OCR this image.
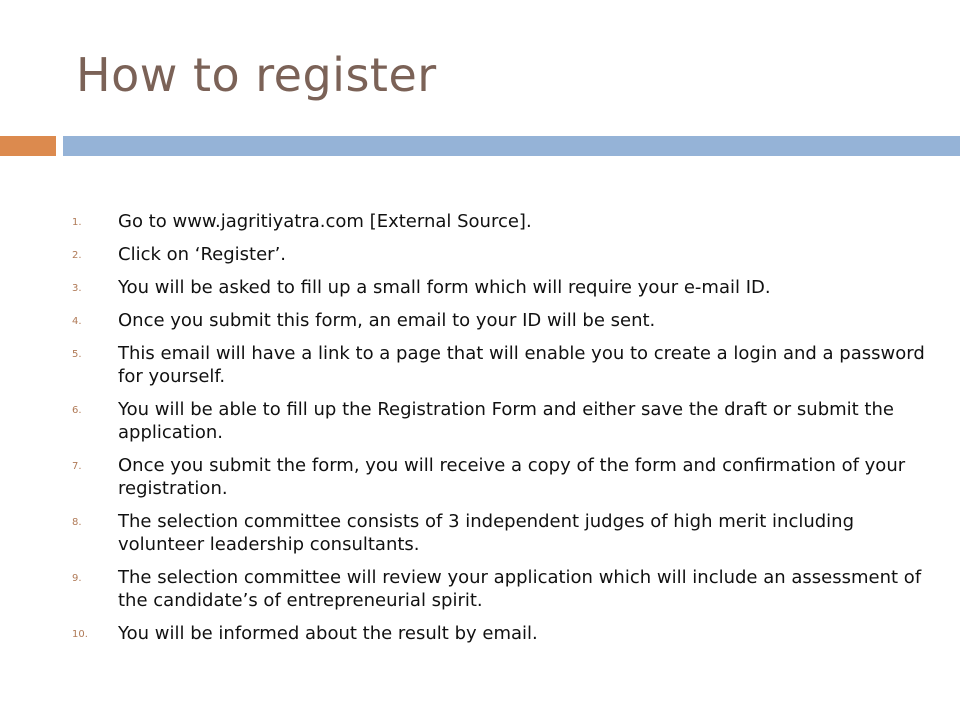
How to register
1.	Go to www.jagritiyatra.com [External Source].
2.	Click on ‘Register’.
3.	You will be asked to fill up a small form which will require your e-mail ID.
4.	Once you submit this form, an email to your ID will be sent.
5.	This email will have a link to a page that will enable you to create a login and a password for yourself.
6.	You will be able to fill up the Registration Form and either save the draft or submit the application.
7.	Once you submit the form, you will receive a copy of the form and confirmation of your registration.
8.	The selection committee consists of 3 independent judges of high merit including volunteer leadership consultants.
9.	The selection committee will review your application which will include an assessment of the candidate’s of entrepreneurial spirit.
10.	You will be informed about the result by email.
